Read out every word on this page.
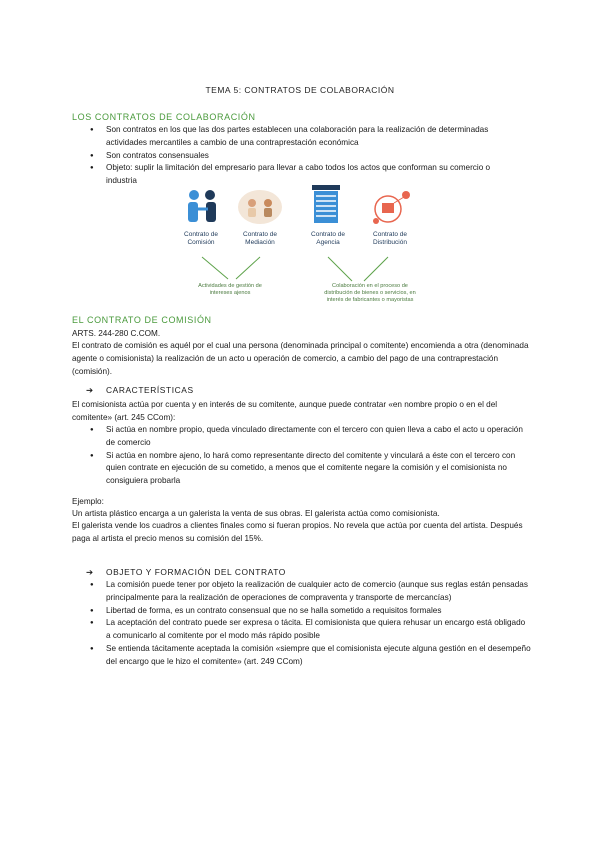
TEMA 5: CONTRATOS DE COLABORACIÓN
LOS CONTRATOS DE COLABORACIÓN
● Son contratos en los que las dos partes establecen una colaboración para la realización de determinadas actividades mercantiles a cambio de una contraprestación económica
● Son contratos consensuales
● Objeto: suplir la limitación del empresario para llevar a cabo todos los actos que conforman su comercio o industria
Contrato de Comisión
Contrato de Mediación
Contrato de Agencia
Contrato de Distribución
Actividades de gestión de intereses ajenos
Colaboración en el proceso de distribución de bienes o servicios, en interés de fabricantes o mayoristas
EL CONTRATO DE COMISIÓN
ARTS. 244-280 C.COM.
El contrato de comisión es aquél por el cual una persona (denominada principal o comitente) encomienda a otra (denominada agente o comisionista) la realización de un acto u operación de comercio, a cambio del pago de una contraprestación (comisión).
➔ CARACTERÍSTICAS
El comisionista actúa por cuenta y en interés de su comitente, aunque puede contratar «en nombre propio o en el del comitente» (art. 245 CCom):
● Si actúa en nombre propio, queda vinculado directamente con el tercero con quien lleva a cabo el acto u operación de comercio
● Si actúa en nombre ajeno, lo hará como representante directo del comitente y vinculará a éste con el tercero con quien contrate en ejecución de su cometido, a menos que el comitente negare la comisión y el comisionista no consiguiera probarla
Ejemplo:
Un artista plástico encarga a un galerista la venta de sus obras. El galerista actúa como comisionista.
El galerista vende los cuadros a clientes finales como si fueran propios. No revela que actúa por cuenta del artista. Después paga al artista el precio menos su comisión del 15%.
➔ OBJETO Y FORMACIÓN DEL CONTRATO
● La comisión puede tener por objeto la realización de cualquier acto de comercio (aunque sus reglas están pensadas principalmente para la realización de operaciones de compraventa y transporte de mercancías)
● Libertad de forma, es un contrato consensual que no se halla sometido a requisitos formales
● La aceptación del contrato puede ser expresa o tácita. El comisionista que quiera rehusar un encargo está obligado a comunicarlo al comitente por el modo más rápido posible
● Se entienda tácitamente aceptada la comisión «siempre que el comisionista ejecute alguna gestión en el desempeño del encargo que le hizo el comitente» (art. 249 CCom)
